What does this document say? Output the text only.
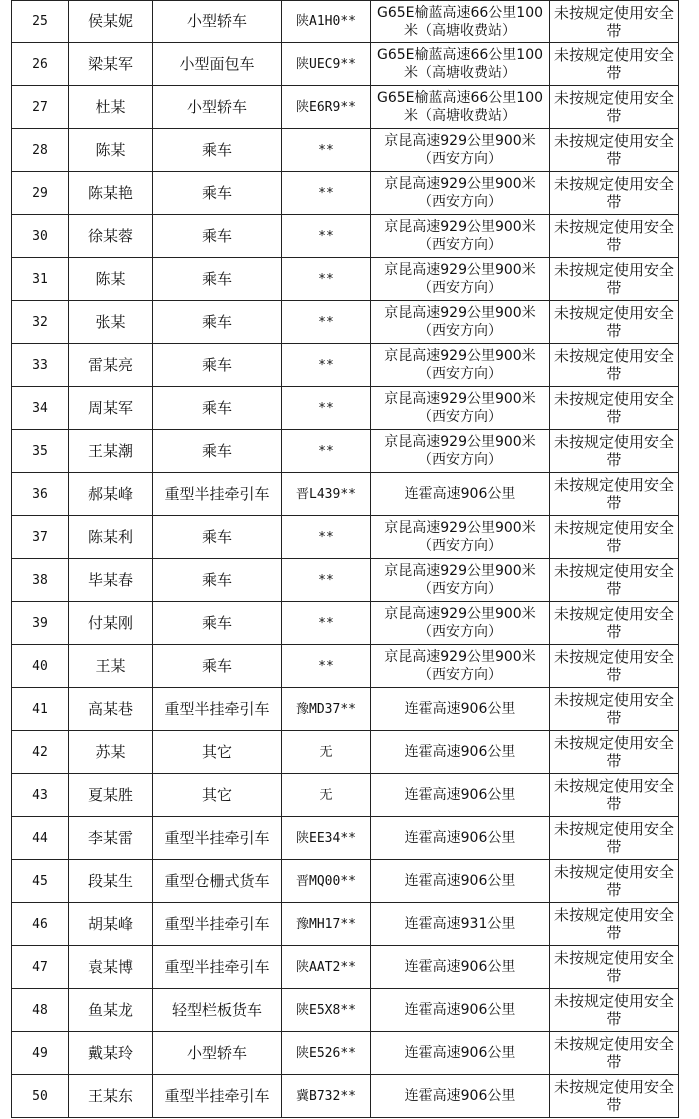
25	侯某妮	小型轿车	陕A1H0**	G65E榆蓝高速66公里100米（高塘收费站）	未按规定使用安全带
26	梁某军	小型面包车	陕UEC9**	G65E榆蓝高速66公里100米（高塘收费站）	未按规定使用安全带
27	杜某	小型轿车	陕E6R9**	G65E榆蓝高速66公里100米（高塘收费站）	未按规定使用安全带
28	陈某	乘车	**	京昆高速929公里900米（西安方向）	未按规定使用安全带
29	陈某艳	乘车	**	京昆高速929公里900米（西安方向）	未按规定使用安全带
30	徐某蓉	乘车	**	京昆高速929公里900米（西安方向）	未按规定使用安全带
31	陈某	乘车	**	京昆高速929公里900米（西安方向）	未按规定使用安全带
32	张某	乘车	**	京昆高速929公里900米（西安方向）	未按规定使用安全带
33	雷某亮	乘车	**	京昆高速929公里900米（西安方向）	未按规定使用安全带
34	周某军	乘车	**	京昆高速929公里900米（西安方向）	未按规定使用安全带
35	王某潮	乘车	**	京昆高速929公里900米（西安方向）	未按规定使用安全带
36	郝某峰	重型半挂牵引车	晋L439**	连霍高速906公里	未按规定使用安全带
37	陈某利	乘车	**	京昆高速929公里900米（西安方向）	未按规定使用安全带
38	毕某春	乘车	**	京昆高速929公里900米（西安方向）	未按规定使用安全带
39	付某刚	乘车	**	京昆高速929公里900米（西安方向）	未按规定使用安全带
40	王某	乘车	**	京昆高速929公里900米（西安方向）	未按规定使用安全带
41	高某巷	重型半挂牵引车	豫MD37**	连霍高速906公里	未按规定使用安全带
42	苏某	其它	无	连霍高速906公里	未按规定使用安全带
43	夏某胜	其它	无	连霍高速906公里	未按规定使用安全带
44	李某雷	重型半挂牵引车	陕EE34**	连霍高速906公里	未按规定使用安全带
45	段某生	重型仓栅式货车	晋MQ00**	连霍高速906公里	未按规定使用安全带
46	胡某峰	重型半挂牵引车	豫MH17**	连霍高速931公里	未按规定使用安全带
47	袁某博	重型半挂牵引车	陕AAT2**	连霍高速906公里	未按规定使用安全带
48	鱼某龙	轻型栏板货车	陕E5X8**	连霍高速906公里	未按规定使用安全带
49	戴某玲	小型轿车	陕E526**	连霍高速906公里	未按规定使用安全带
50	王某东	重型半挂牵引车	冀B732**	连霍高速906公里	未按规定使用安全带
